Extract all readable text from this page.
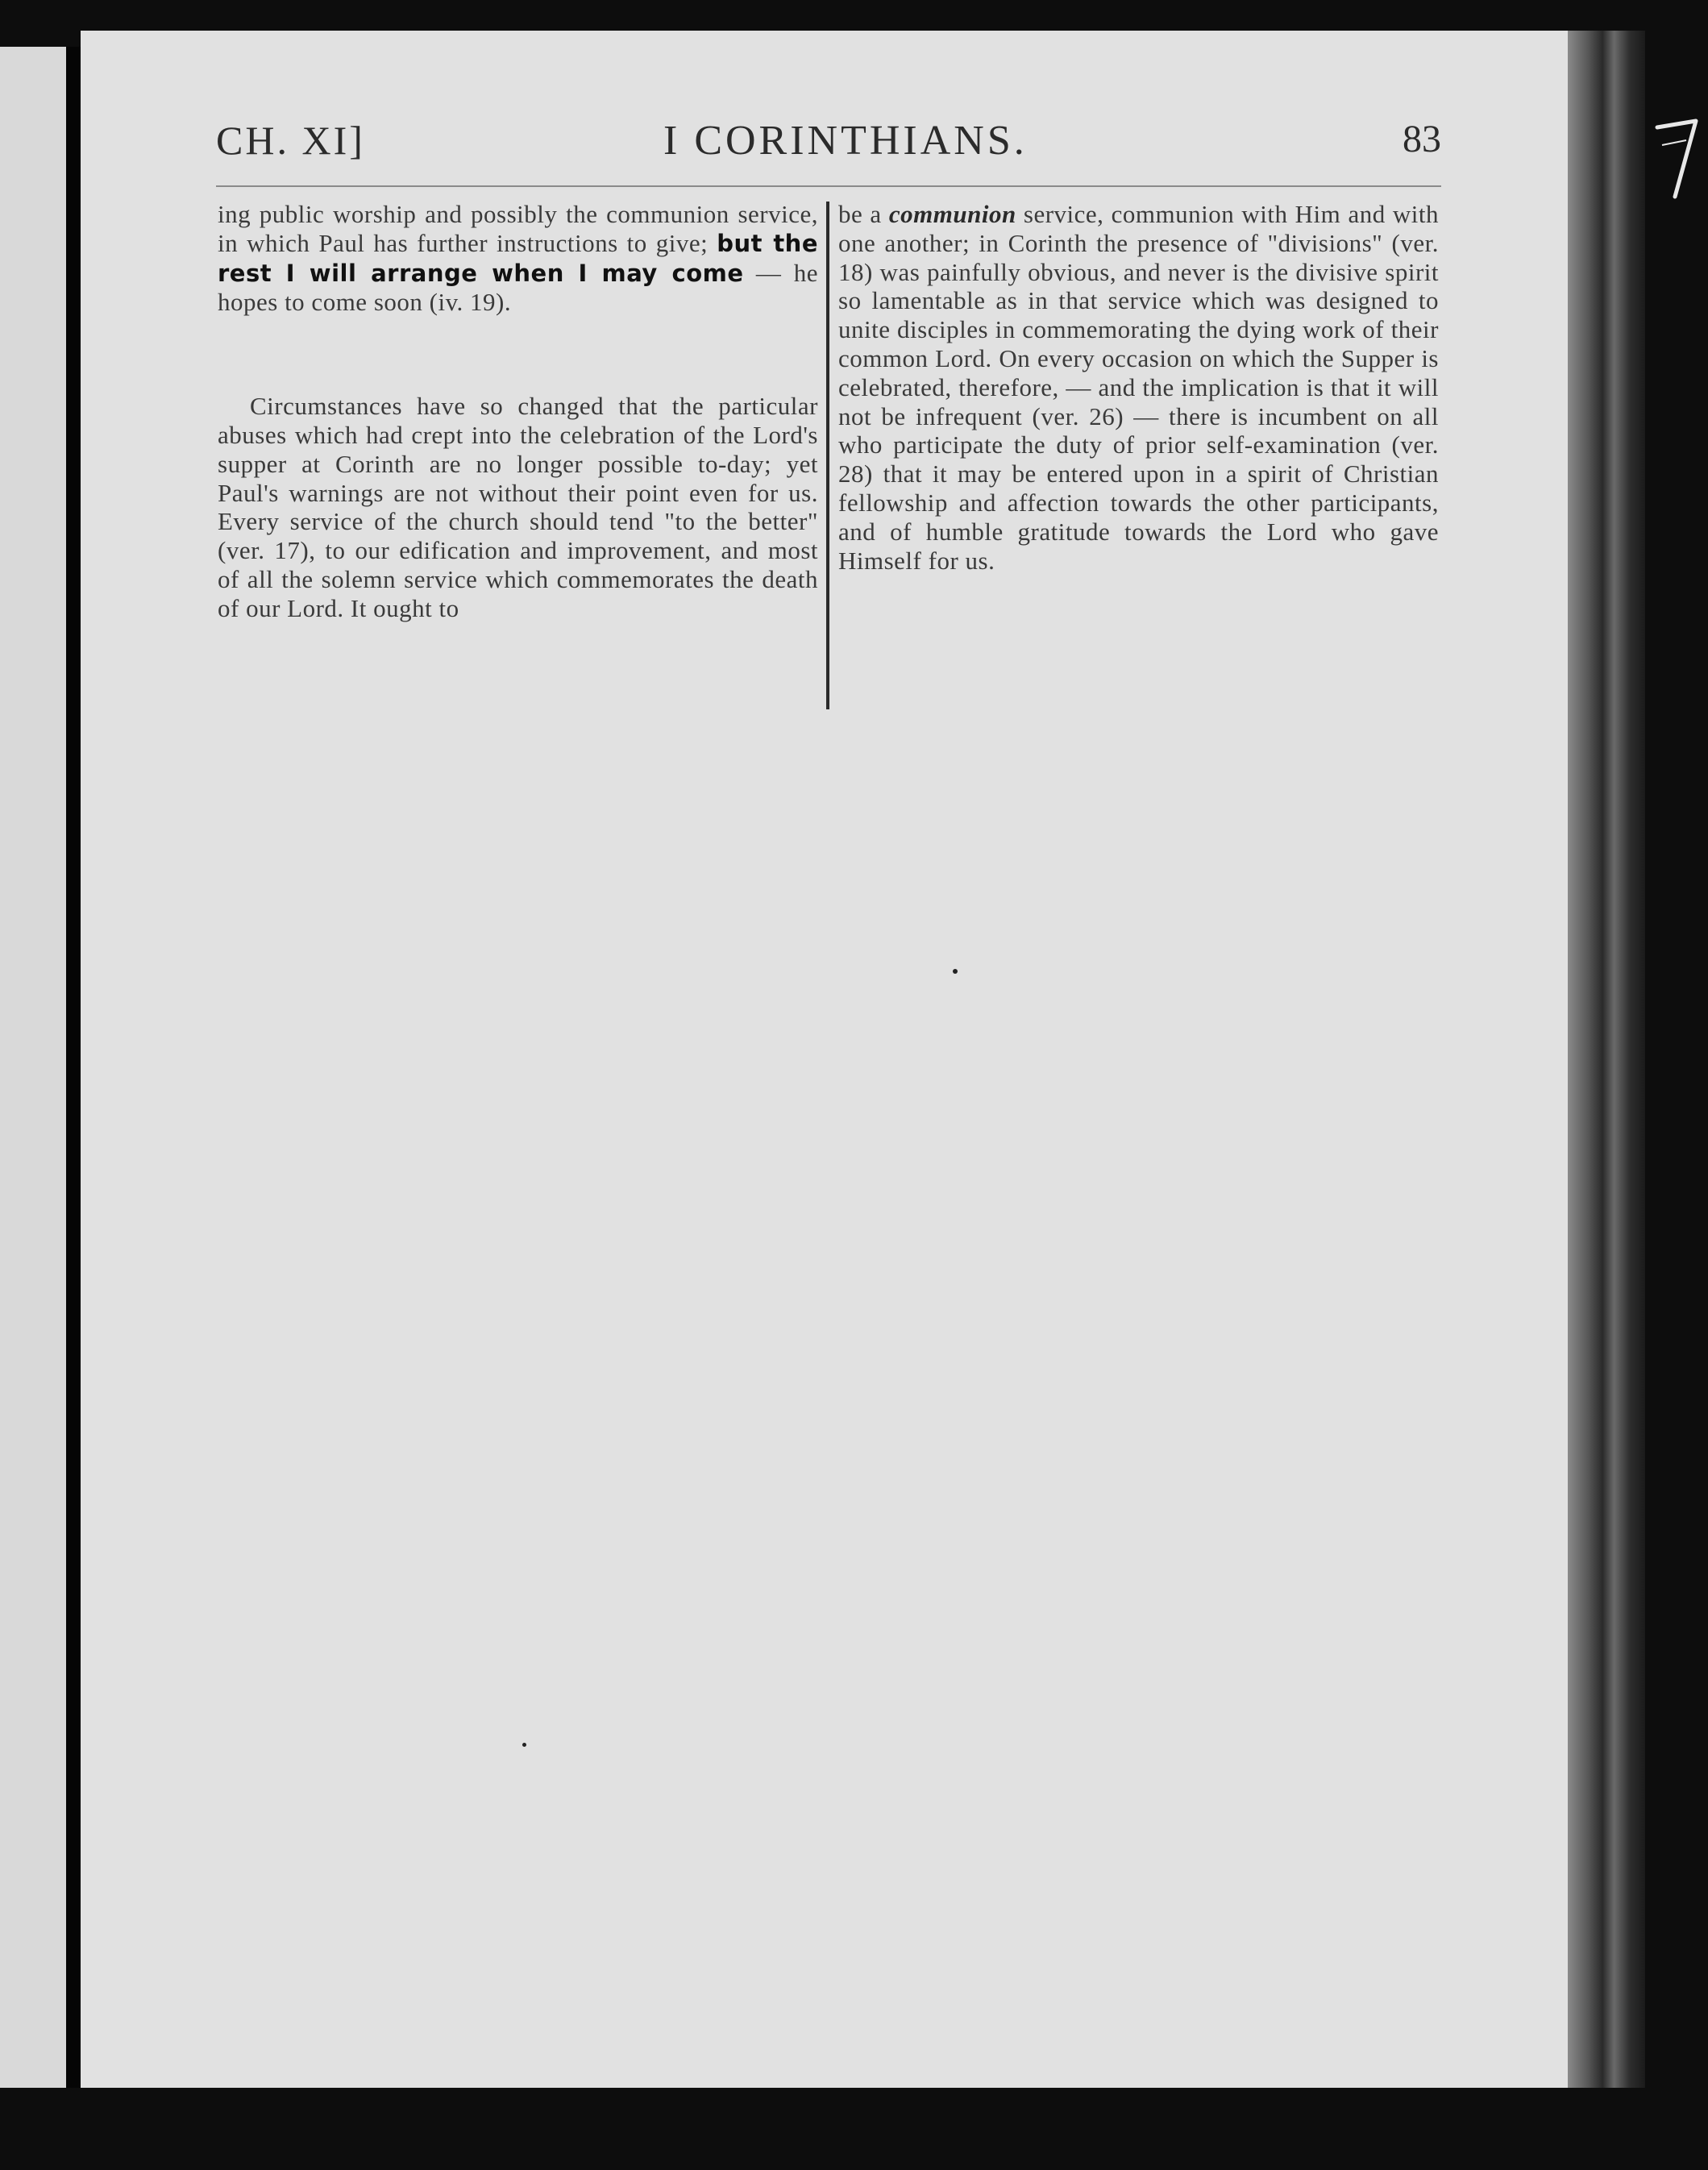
CH. XI]	I CORINTHIANS.	83

ing public worship and possibly the communion service, in which Paul has further instructions to give; but the rest I will arrange when I may come — he hopes to come soon (iv. 19).

Circumstances have so changed that the particular abuses which had crept into the celebration of the Lord's supper at Corinth are no longer possible to-day; yet Paul's warnings are not without their point even for us. Every service of the church should tend "to the better" (ver. 17), to our edification and improvement, and most of all the solemn service which commemorates the death of our Lord. It ought to

be a communion service, communion with Him and with one another; in Corinth the presence of "divisions" (ver. 18) was painfully obvious, and never is the divisive spirit so lamentable as in that service which was designed to unite disciples in commemorating the dying work of their common Lord. On every occasion on which the Supper is celebrated, therefore, — and the implication is that it will not be infrequent (ver. 26) — there is incumbent on all who participate the duty of prior self-examination (ver. 28) that it may be entered upon in a spirit of Christian fellowship and affection towards the other participants, and of humble gratitude towards the Lord who gave Himself for us.
